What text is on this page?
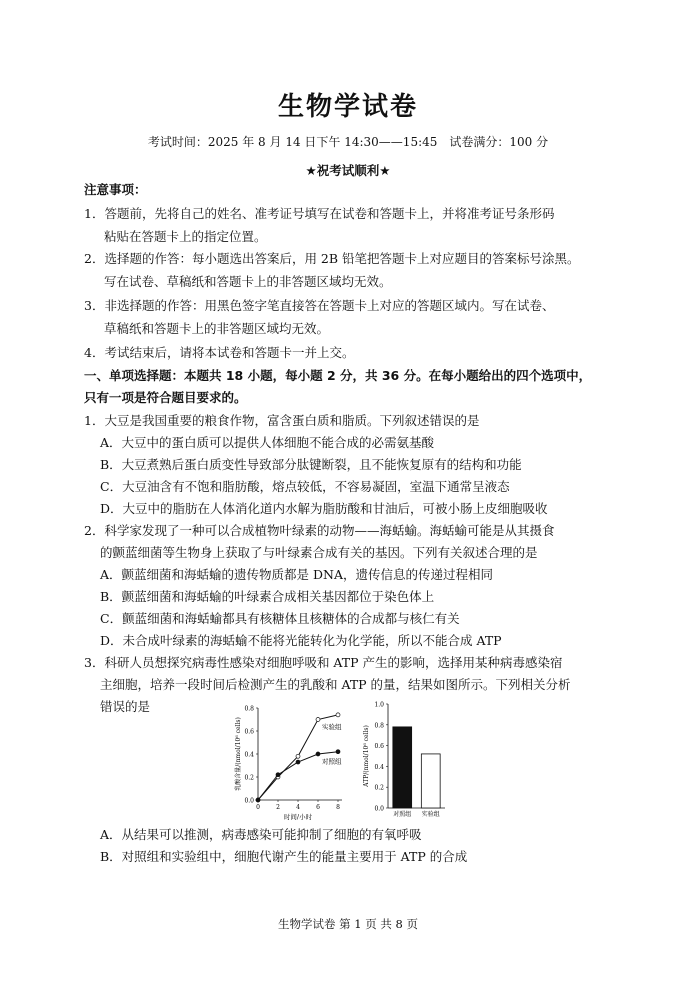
生物学试卷
考试时间：2025 年 8 月 14 日下午 14:30——15:45　试卷满分：100 分
★祝考试顺利★
注意事项：
1．答题前，先将自己的姓名、准考证号填写在试卷和答题卡上，并将准考证号条形码
粘贴在答题卡上的指定位置。
2．选择题的作答：每小题选出答案后，用 2B 铅笔把答题卡上对应题目的答案标号涂黑。
写在试卷、草稿纸和答题卡上的非答题区域均无效。
3．非选择题的作答：用黑色签字笔直接答在答题卡上对应的答题区域内。写在试卷、
草稿纸和答题卡上的非答题区域均无效。
4．考试结束后，请将本试卷和答题卡一并上交。
一、单项选择题：本题共 18 小题，每小题 2 分，共 36 分。在每小题给出的四个选项中，
只有一项是符合题目要求的。
1．大豆是我国重要的粮食作物，富含蛋白质和脂质。下列叙述错误的是
A．大豆中的蛋白质可以提供人体细胞不能合成的必需氨基酸
B．大豆煮熟后蛋白质变性导致部分肽键断裂，且不能恢复原有的结构和功能
C．大豆油含有不饱和脂肪酸，熔点较低，不容易凝固，室温下通常呈液态
D．大豆中的脂肪在人体消化道内水解为脂肪酸和甘油后，可被小肠上皮细胞吸收
2．科学家发现了一种可以合成植物叶绿素的动物——海蛞蝓。海蛞蝓可能是从其摄食
的颤蓝细菌等生物身上获取了与叶绿素合成有关的基因。下列有关叙述合理的是
A．颤蓝细菌和海蛞蝓的遗传物质都是 DNA，遗传信息的传递过程相同
B．颤蓝细菌和海蛞蝓的叶绿素合成相关基因都位于染色体上
C．颤蓝细菌和海蛞蝓都具有核糖体且核糖体的合成都与核仁有关
D．未合成叶绿素的海蛞蝓不能将光能转化为化学能，所以不能合成 ATP
3．科研人员想探究病毒性感染对细胞呼吸和 ATP 产生的影响，选择用某种病毒感染宿
主细胞，培养一段时间后检测产生的乳酸和 ATP 的量，结果如图所示。下列相关分析
错误的是
0.0
0.2
0.4
0.6
0.8
0	2	4	6	8
时间/小时
乳酸含量/(nmol/10⁶ cells)	实验组
对照组
0.0
0.2
0.4
0.6
0.8
1.0
ATP/(nmol/10⁶ cells)
对照组 实验组
A．从结果可以推测，病毒感染可能抑制了细胞的有氧呼吸
B．对照组和实验组中，细胞代谢产生的能量主要用于 ATP 的合成
生物学试卷 第 1 页 共 8 页
